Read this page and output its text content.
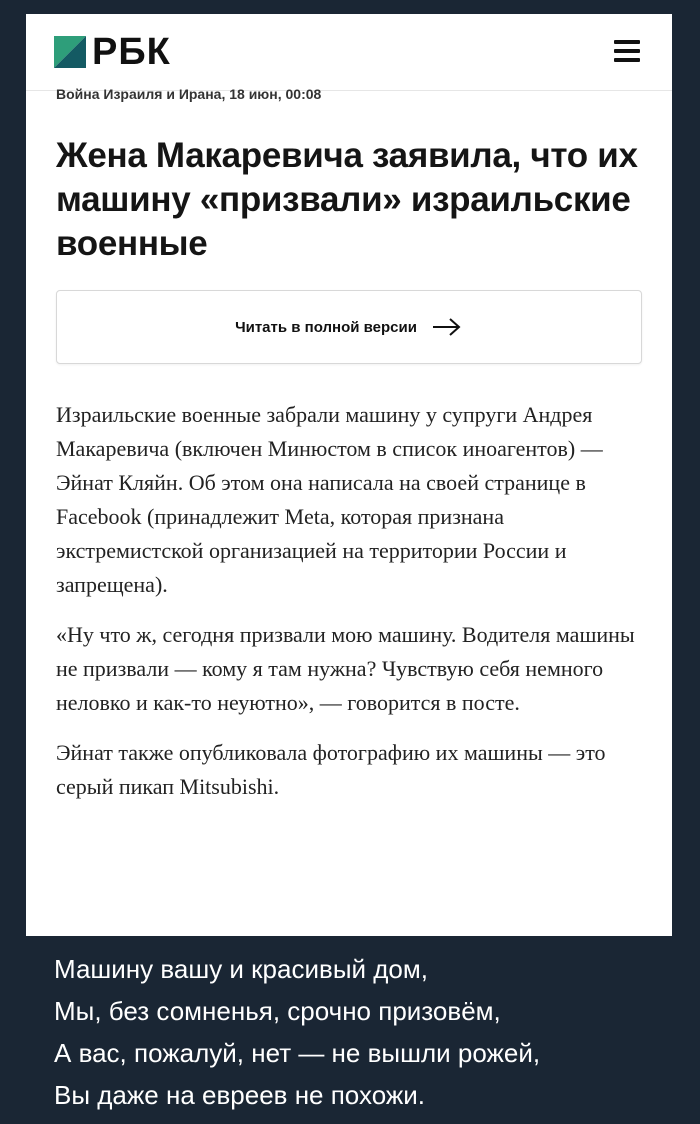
РБК
Война Израиля и Ирана, 18 июн, 00:08
Жена Макаревича заявила, что их машину «призвали» израильские военные
Читать в полной версии

Израильские военные забрали машину у супруги Андрея Макаревича (включен Минюстом в список иноагентов) — Эйнат Кляйн. Об этом она написала на своей странице в Facebook (принадлежит Meta, которая признана экстремистской организацией на территории России и запрещена).

«Ну что ж, сегодня призвали мою машину. Водителя машины не призвали — кому я там нужна? Чувствую себя немного неловко и как-то неуютно», — говорится в посте.

Эйнат также опубликовала фотографию их машины — это серый пикап Mitsubishi.

Машину вашу и красивый дом,
Мы, без сомненья, срочно призовём,
А вас, пожалуй, нет — не вышли рожей,
Вы даже на евреев не похожи.
